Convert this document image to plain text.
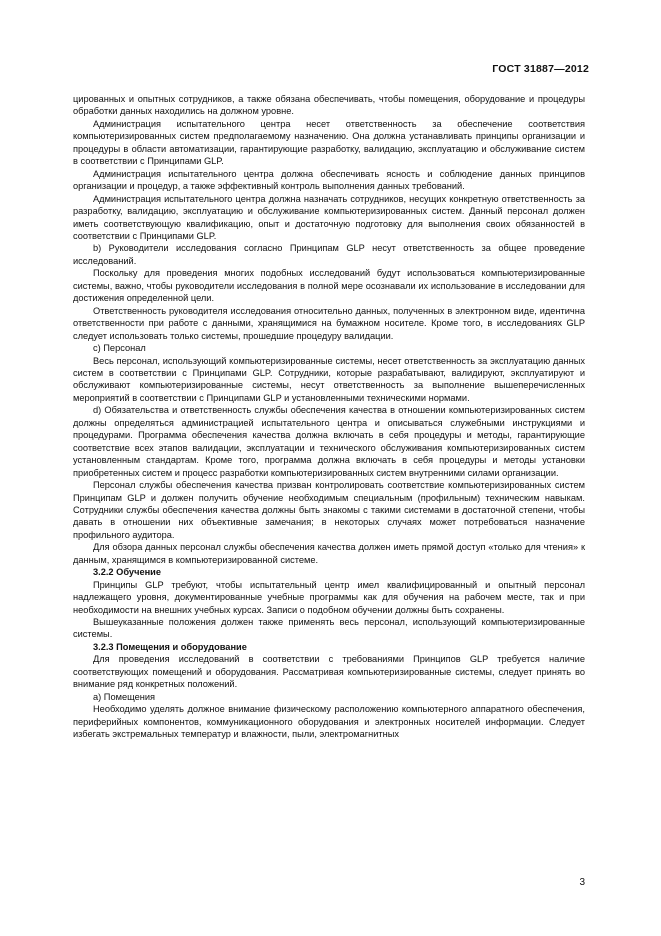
ГОСТ 31887—2012

цированных и опытных сотрудников, а также обязана обеспечивать, чтобы помещения, оборудование и процедуры обработки данных находились на должном уровне.

Администрация испытательного центра несет ответственность за обеспечение соответствия компьютеризированных систем предполагаемому назначению. Она должна устанавливать принципы организации и процедуры в области автоматизации, гарантирующие разработку, валидацию, эксплуатацию и обслуживание систем в соответствии с Принципами GLP.

Администрация испытательного центра должна обеспечивать ясность и соблюдение данных принципов организации и процедур, а также эффективный контроль выполнения данных требований.

Администрация испытательного центра должна назначать сотрудников, несущих конкретную ответственность за разработку, валидацию, эксплуатацию и обслуживание компьютеризированных систем. Данный персонал должен иметь соответствующую квалификацию, опыт и достаточную подготовку для выполнения своих обязанностей в соответствии с Принципами GLP.

b) Руководители исследования согласно Принципам GLP несут ответственность за общее проведение исследований.

Поскольку для проведения многих подобных исследований будут использоваться компьютеризированные системы, важно, чтобы руководители исследования в полной мере осознавали их использование в исследовании для достижения определенной цели.

Ответственность руководителя исследования относительно данных, полученных в электронном виде, идентична ответственности при работе с данными, хранящимися на бумажном носителе. Кроме того, в исследованиях GLP следует использовать только системы, прошедшие процедуру валидации.

c) Персонал

Весь персонал, использующий компьютеризированные системы, несет ответственность за эксплуатацию данных систем в соответствии с Принципами GLP. Сотрудники, которые разрабатывают, валидируют, эксплуатируют и обслуживают компьютеризированные системы, несут ответственность за выполнение вышеперечисленных мероприятий в соответствии с Принципами GLP и установленными техническими нормами.

d) Обязательства и ответственность службы обеспечения качества в отношении компьютеризированных систем должны определяться администрацией испытательного центра и описываться служебными инструкциями и процедурами. Программа обеспечения качества должна включать в себя процедуры и методы, гарантирующие соответствие всех этапов валидации, эксплуатации и технического обслуживания компьютеризированных систем установленным стандартам. Кроме того, программа должна включать в себя процедуры и методы установки приобретенных систем и процесс разработки компьютеризированных систем внутренними силами организации.

Персонал службы обеспечения качества призван контролировать соответствие компьютеризированных систем Принципам GLP и должен получить обучение необходимым специальным (профильным) техническим навыкам. Сотрудники службы обеспечения качества должны быть знакомы с такими системами в достаточной степени, чтобы давать в отношении них объективные замечания; в некоторых случаях может потребоваться назначение профильного аудитора.

Для обзора данных персонал службы обеспечения качества должен иметь прямой доступ «только для чтения» к данным, хранящимся в компьютеризированной системе.

3.2.2 Обучение

Принципы GLP требуют, чтобы испытательный центр имел квалифицированный и опытный персонал надлежащего уровня, документированные учебные программы как для обучения на рабочем месте, так и при необходимости на внешних учебных курсах. Записи о подобном обучении должны быть сохранены.

Вышеуказанные положения должен также применять весь персонал, использующий компьютеризированные системы.

3.2.3 Помещения и оборудование

Для проведения исследований в соответствии с требованиями Принципов GLP требуется наличие соответствующих помещений и оборудования. Рассматривая компьютеризированные системы, следует принять во внимание ряд конкретных положений.

a) Помещения

Необходимо уделять должное внимание физическому расположению компьютерного аппаратного обеспечения, периферийных компонентов, коммуникационного оборудования и электронных носителей информации. Следует избегать экстремальных температур и влажности, пыли, электромагнитных

3
